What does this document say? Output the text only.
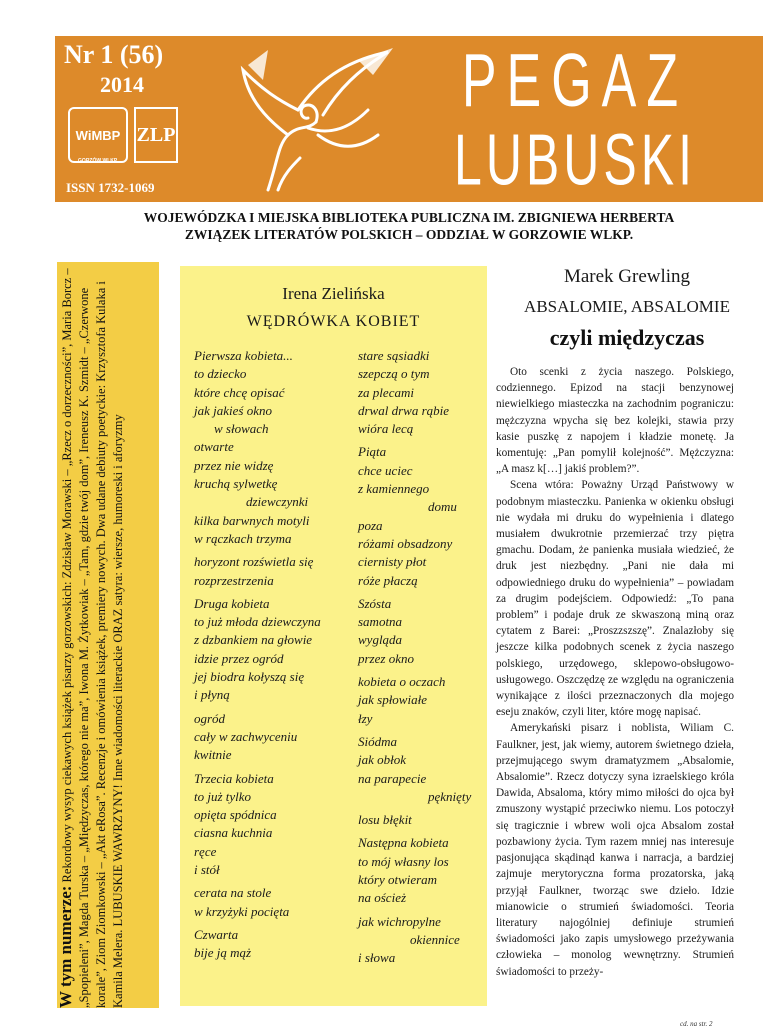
Nr 1 (56)
2014
WiMBP
GORZÓW WLKP.
ZLP
ISSN 1732-1069
PEGAZ
LUBUSKI
WOJEWÓDZKA I MIEJSKA BIBLIOTEKA PUBLICZNA IM. ZBIGNIEWA HERBERTA
ZWIĄZEK LITERATÓW POLSKICH – ODDZIAŁ W GORZOWIE WLKP.
W tym numerze: Rekordowy wysyp ciekawych książek pisarzy gorzowskich: Zdzisław Morawski – „Rzecz o dorzeczności”, Maria Borcz – „Spopieleni”, Magda Turska – „Międzyczas, którego nie ma”, Iwona M. Żytkowiak – „Tam, gdzie twój dom”, Ireneusz K. Szmidt – „Czerwone korale”, Ziom Ziomkowski – „Akt eRosa”. Recenzje i omówienia książek, premiery nowych. Dwa udane debiuty poetyckie: Krzysztofa Kulaka i Kamila Melera. LUBUSKIE WAWRZYNY! Inne wiadomości literackie ORAZ satyra: wiersze, humoreski i aforyzmy
Irena Zielińska
WĘDRÓWKA KOBIET
Pierwsza kobieta...
to dziecko
które chcę opisać
jak jakieś okno
w słowach
otwarte
przez nie widzę
kruchą sylwetkę
dziewczynki
kilka barwnych motyli
w rączkach trzyma
horyzont rozświetla się
rozprzestrzenia
Druga kobieta
to już młoda dziewczyna
z dzbankiem na głowie
idzie przez ogród
jej biodra kołyszą się
i płyną
ogród
cały w zachwyceniu
kwitnie
Trzecia kobieta
to już tylko
opięta spódnica
ciasna kuchnia
ręce
i stół
cerata na stole
w krzyżyki pocięta
Czwarta
bije ją mąż
stare sąsiadki
szepczą o tym
za plecami
drwal drwa rąbie
wióra lecą
Piąta
chce uciec
z kamiennego
domu
poza
różami obsadzony
ciernisty płot
róże płaczą
Szósta
samotna
wygląda
przez okno
kobieta o oczach
jak spłowiałe
łzy
Siódma
jak obłok
na parapecie
pęknięty
losu błękit
Następna kobieta
to mój własny los
który otwieram
na oścież
jak wichropylne
okiennice
i słowa
Marek Grewling
ABSALOMIE, ABSALOMIE
czyli międzyczas

Oto scenki z życia naszego. Polskiego, codziennego. Epizod na stacji benzynowej niewielkiego miasteczka na zachodnim pograniczu: mężczyzna wpycha się bez kolejki, stawia przy kasie puszkę z napojem i kładzie monetę. Ja komentuję: „Pan pomylił kolejność”. Mężczyzna: „A masz k[…] jakiś problem?”.

Scena wtóra: Poważny Urząd Państwowy w podobnym miasteczku. Panienka w okienku obsługi nie wydała mi druku do wypełnienia i dlatego musiałem dwukrotnie przemierzać trzy piętra gmachu. Dodam, że panienka musiała wiedzieć, że druk jest niezbędny. „Pani nie dała mi odpowiedniego druku do wypełnienia” – powiadam za drugim podejściem. Odpowiedź: „To pana problem” i podaje druk ze skwaszoną miną oraz cytatem z Barei: „Proszzszszę”. Znalazłoby się jeszcze kilka podobnych scenek z życia naszego polskiego, urzędowego, sklepowo-obsługowo-usługowego. Oszczędzę ze względu na ograniczenia wynikające z ilości przeznaczonych dla mojego eseju znaków, czyli liter, które mogę napisać.

Amerykański pisarz i noblista, Wiliam C. Faulkner, jest, jak wiemy, autorem świetnego dzieła, przejmującego swym dramatyzmem „Absalomie, Absalomie”. Rzecz dotyczy syna izraelskiego króla Dawida, Absaloma, który mimo miłości do ojca był zmuszony wystąpić przeciwko niemu. Los potoczył się tragicznie i wbrew woli ojca Absalom został pozbawiony życia. Tym razem mniej nas interesuje pasjonująca skądinąd kanwa i narracja, a bardziej zajmuje merytoryczna forma prozatorska, jaką przyjął Faulkner, tworząc swe dzieło. Idzie mianowicie o strumień świadomości. Teoria literatury najogólniej definiuje strumień świadomości jako zapis umysłowego przeżywania człowieka – monolog wewnętrzny. Strumień świadomości to przeży-

cd. na str. 2
